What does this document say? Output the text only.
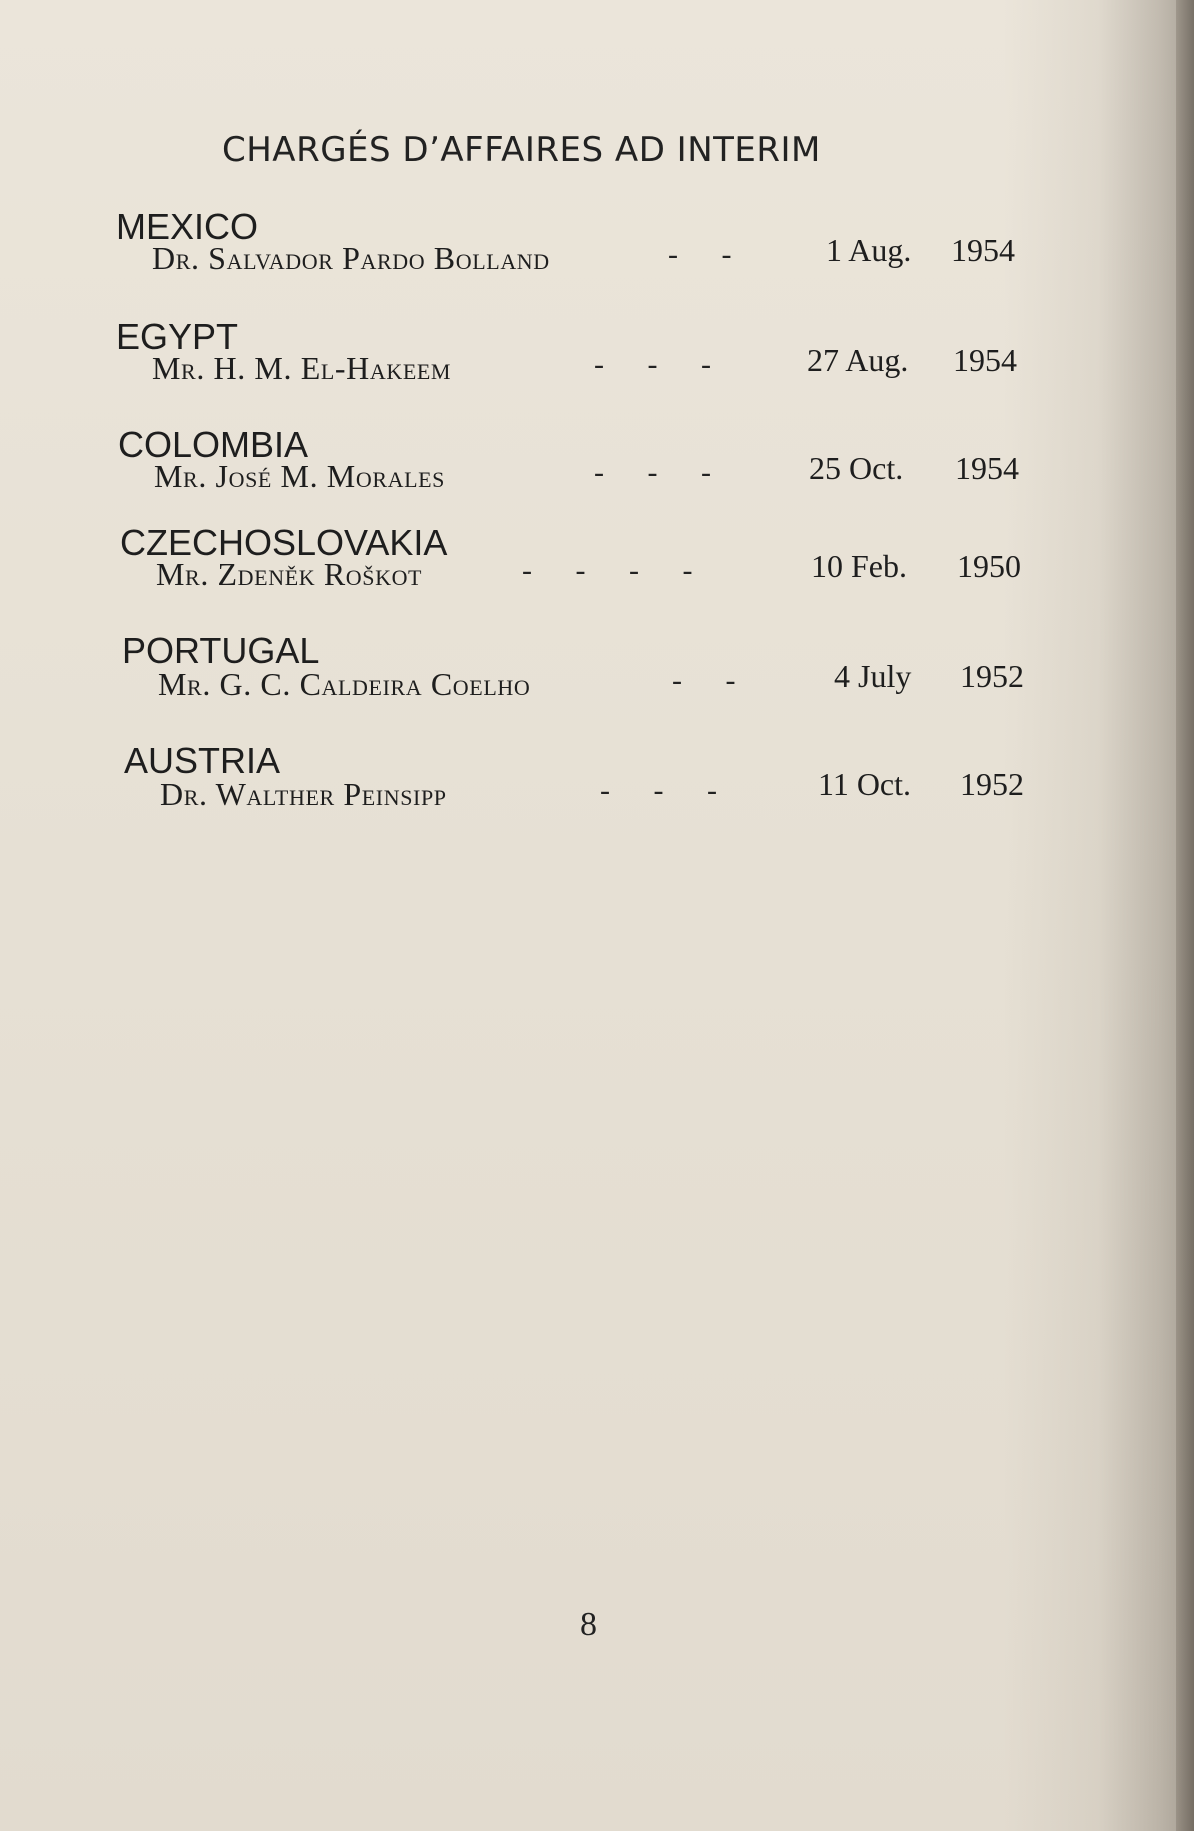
CHARGÉS D’AFFAIRES AD INTERIM
MEXICO
Dr. Salvador Pardo Bolland	- -	1 Aug. 1954
EGYPT
Mr. H. M. El-Hakeem	- - -	27 Aug. 1954
COLOMBIA
Mr. José M. Morales	- - -	25 Oct. 1954
CZECHOSLOVAKIA
Mr. Zdeněk Roškot	- - - -	10 Feb. 1950
PORTUGAL
Mr. G. C. Caldeira Coelho	- -	4 July 1952
AUSTRIA
Dr. Walther Peinsipp	- - -	11 Oct. 1952
8
